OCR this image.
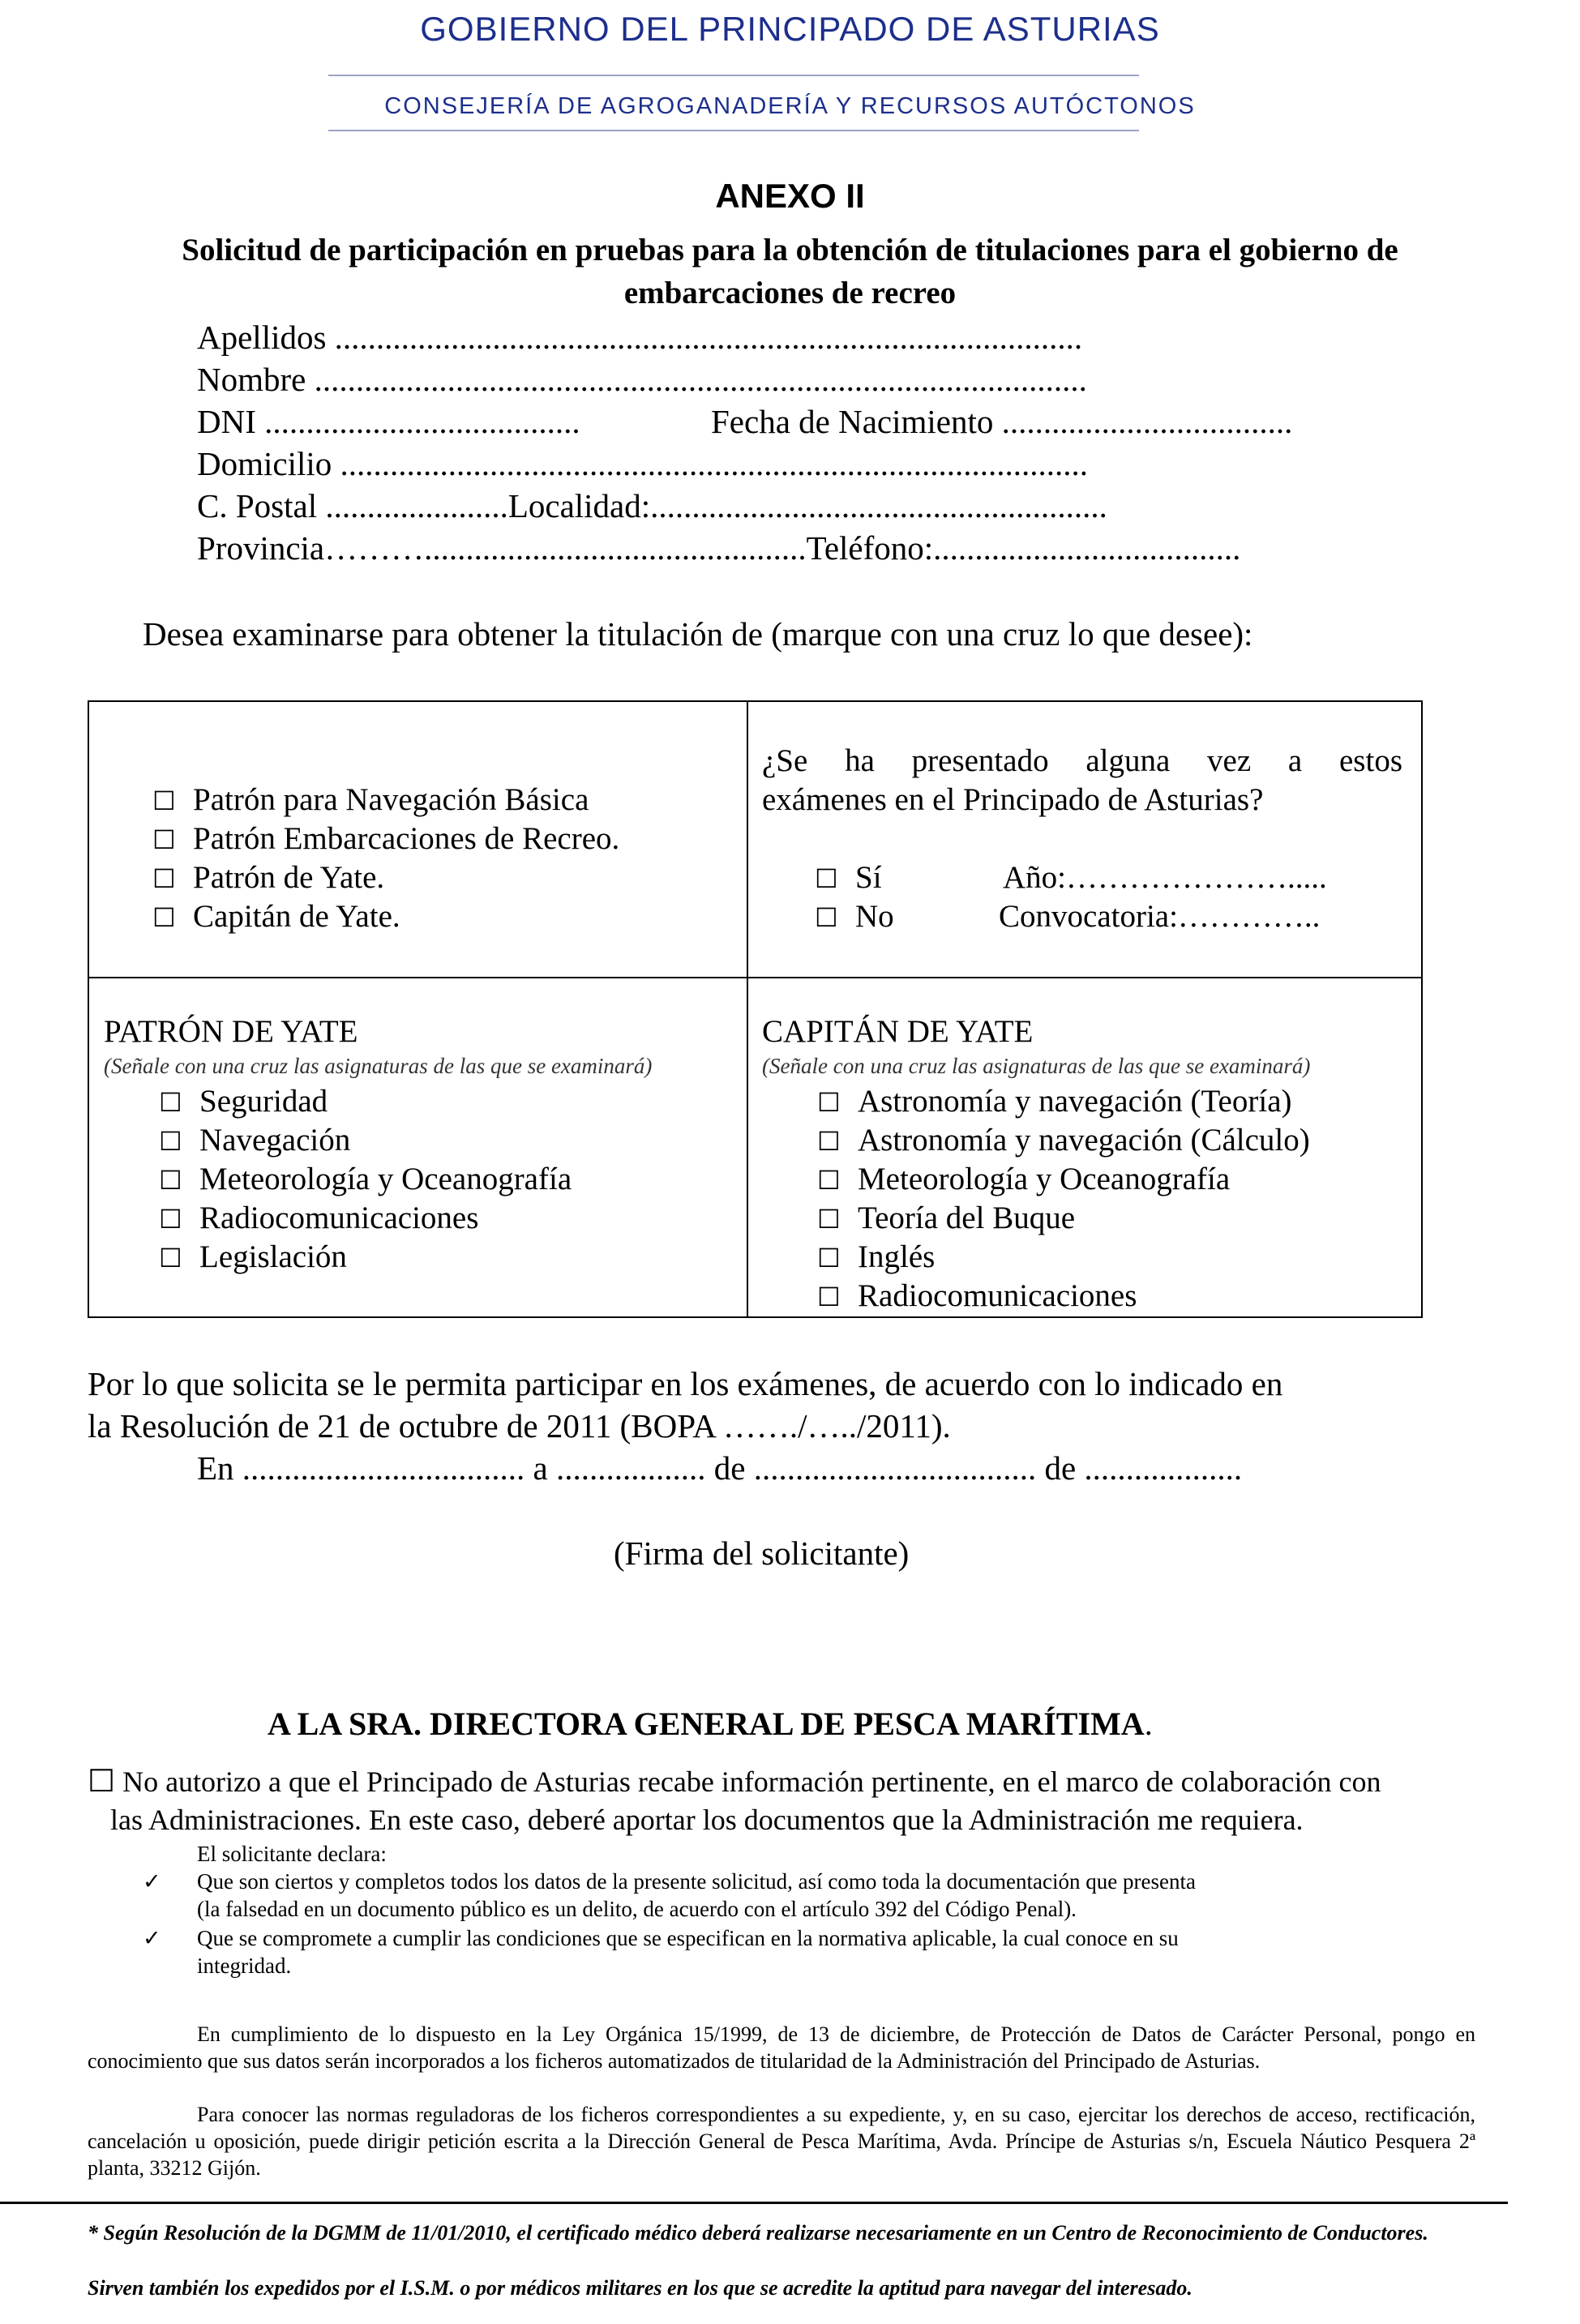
GOBIERNO DEL PRINCIPADO DE ASTURIAS
CONSEJERÍA DE AGROGANADERÍA Y RECURSOS AUTÓCTONOS
ANEXO II
Solicitud de participación en pruebas para la obtención de titulaciones para el gobierno de embarcaciones de recreo
Apellidos ..........................................................................................
Nombre .............................................................................................
DNI ......................................	Fecha de Nacimiento ...................................
Domicilio ..........................................................................................
C. Postal ......................Localidad:.......................................................
Provincia………..............................................Teléfono:.....................................
Desea examinarse para obtener la titulación de (marque con una cruz lo que desee):
☐ Patrón para Navegación Básica
☐ Patrón Embarcaciones de Recreo.
☐ Patrón de Yate.
☐ Capitán de Yate.
¿Se ha presentado alguna vez a estos
exámenes en el Principado de Asturias?
☐ Sí	Año:………………….....
☐ No	Convocatoria:…………..
PATRÓN DE YATE
(Señale con una cruz las asignaturas de las que se examinará)
☐ Seguridad
☐ Navegación
☐ Meteorología y Oceanografía
☐ Radiocomunicaciones
☐ Legislación
CAPITÁN DE YATE
(Señale con una cruz las asignaturas de las que se examinará)
☐ Astronomía y navegación (Teoría)
☐ Astronomía y navegación (Cálculo)
☐ Meteorología y Oceanografía
☐ Teoría del Buque
☐ Inglés
☐ Radiocomunicaciones
Por lo que solicita se le permita participar en los exámenes, de acuerdo con lo indicado en
la Resolución de 21 de octubre de 2011 (BOPA ……./…../2011).
En .................................. a .................. de .................................. de ...................
(Firma del solicitante)
A LA SRA. DIRECTORA GENERAL DE PESCA MARÍTIMA.
☐ No autorizo a que el Principado de Asturias recabe información pertinente, en el marco de colaboración con
las Administraciones. En este caso, deberé aportar los documentos que la Administración me requiera.
El solicitante declara:
✓ Que son ciertos y completos todos los datos de la presente solicitud, así como toda la documentación que presenta
(la falsedad en un documento público es un delito, de acuerdo con el artículo 392 del Código Penal).
✓ Que se compromete a cumplir las condiciones que se especifican en la normativa aplicable, la cual conoce en su
integridad.
En cumplimiento de lo dispuesto en la Ley Orgánica 15/1999, de 13 de diciembre, de Protección de Datos de Carácter Personal, pongo en conocimiento que sus datos serán incorporados a los ficheros automatizados de titularidad de la Administración del Principado de Asturias.
Para conocer las normas reguladoras de los ficheros correspondientes a su expediente, y, en su caso, ejercitar los derechos de acceso, rectificación, cancelación u oposición, puede dirigir petición escrita a la Dirección General de Pesca Marítima, Avda. Príncipe de Asturias s/n, Escuela Náutico Pesquera 2ª planta, 33212 Gijón.
* Según Resolución de la DGMM de 11/01/2010, el certificado médico deberá realizarse necesariamente en un Centro de Reconocimiento de Conductores.
Sirven también los expedidos por el I.S.M. o por médicos militares en los que se acredite la aptitud para navegar del interesado.
